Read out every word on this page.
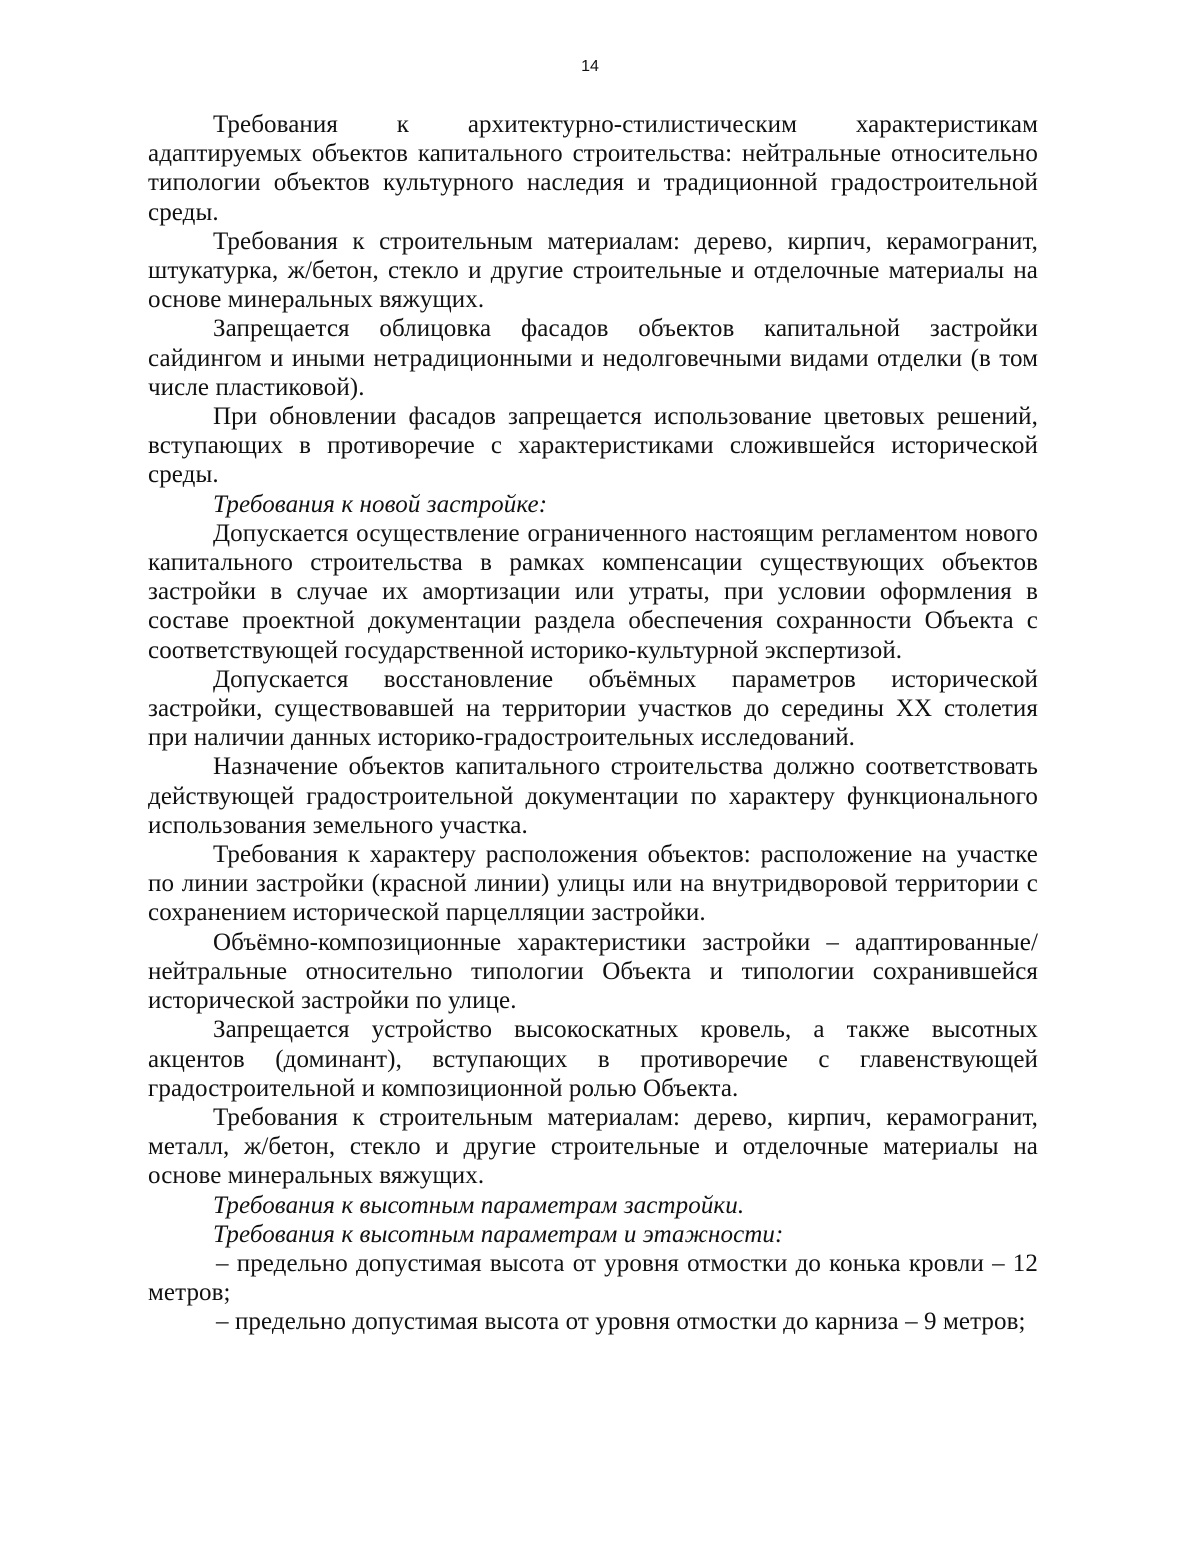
14

Требования к архитектурно-стилистическим характеристикам адаптируемых объектов капитального строительства: нейтральные относительно типологии объектов культурного наследия и традиционной градостроительной среды.

Требования к строительным материалам: дерево, кирпич, керамогранит, штукатурка, ж/бетон, стекло и другие строительные и отделочные материалы на основе минеральных вяжущих.

Запрещается облицовка фасадов объектов капитальной застройки сайдингом и иными нетрадиционными и недолговечными видами отделки (в том числе пластиковой).

При обновлении фасадов запрещается использование цветовых решений, вступающих в противоречие с характеристиками сложившейся исторической среды.

Требования к новой застройке:

Допускается осуществление ограниченного настоящим регламентом нового капитального строительства в рамках компенсации существующих объектов застройки в случае их амортизации или утраты, при условии оформления в составе проектной документации раздела обеспечения сохранности Объекта с соответствующей государственной историко-культурной экспертизой.

Допускается восстановление объёмных параметров исторической застройки, существовавшей на территории участков до середины XX столетия при наличии данных историко-градостроительных исследований.

Назначение объектов капитального строительства должно соответствовать действующей градостроительной документации по характеру функционального использования земельного участка.

Требования к характеру расположения объектов: расположение на участке по линии застройки (красной линии) улицы или на внутридворовой территории с сохранением исторической парцелляции застройки.

Объёмно-композиционные характеристики застройки – адаптированные/ нейтральные относительно типологии Объекта и типологии сохранившейся исторической застройки по улице.

Запрещается устройство высокоскатных кровель, а также высотных акцентов (доминант), вступающих в противоречие с главенствующей градостроительной и композиционной ролью Объекта.

Требования к строительным материалам: дерево, кирпич, керамогранит, металл, ж/бетон, стекло и другие строительные и отделочные материалы на основе минеральных вяжущих.

Требования к высотным параметрам застройки.

Требования к высотным параметрам и этажности:

– предельно допустимая высота от уровня отмостки до конька кровли – 12 метров;

– предельно допустимая высота от уровня отмостки до карниза – 9 метров;
